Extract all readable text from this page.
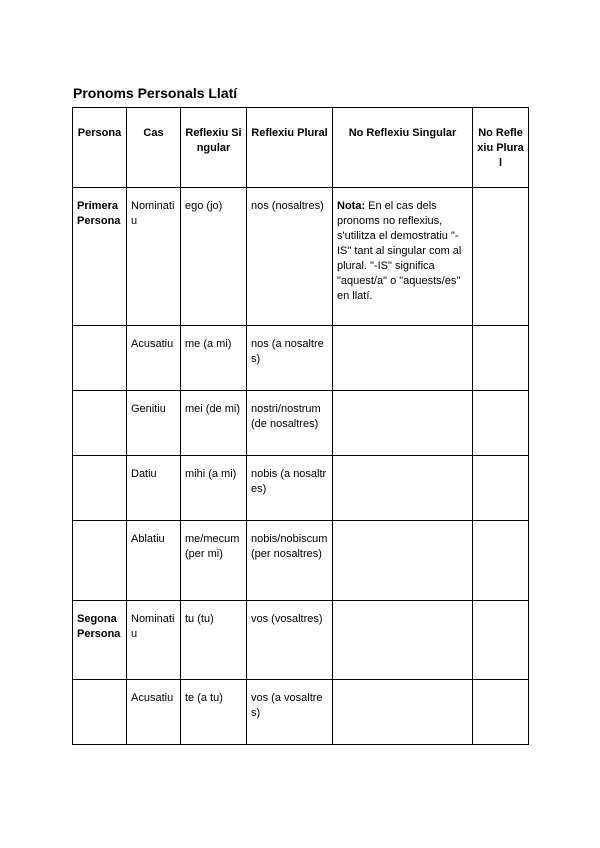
Pronoms Personals Llatí
Persona	Cas	Reflexiu Singular	Reflexiu Plural	No Reflexiu Singular	No Reflexiu Plural
Primera Persona	Nominatiu	ego (jo)	nos (nosaltres)	Nota: En el cas dels pronoms no reflexius, s'utilitza el demostratiu "-IS" tant al singular com al plural. "-IS" significa "aquest/a" o "aquests/es" en llatí.	

	Acusatiu	me (a mi)	nos (a nosaltres)		
	Genitiu	mei (de mi)	nostri/nostrum (de nosaltres)		
	Datiu	mihi (a mi)	nobis (a nosaltres)		
	Ablatiu	me/mecum (per mi)	nobis/nobiscum (per nosaltres)		
Segona Persona	Nominatiu	tu (tu)	vos (vosaltres)		
	Acusatiu	te (a tu)	vos (a vosaltres)		
